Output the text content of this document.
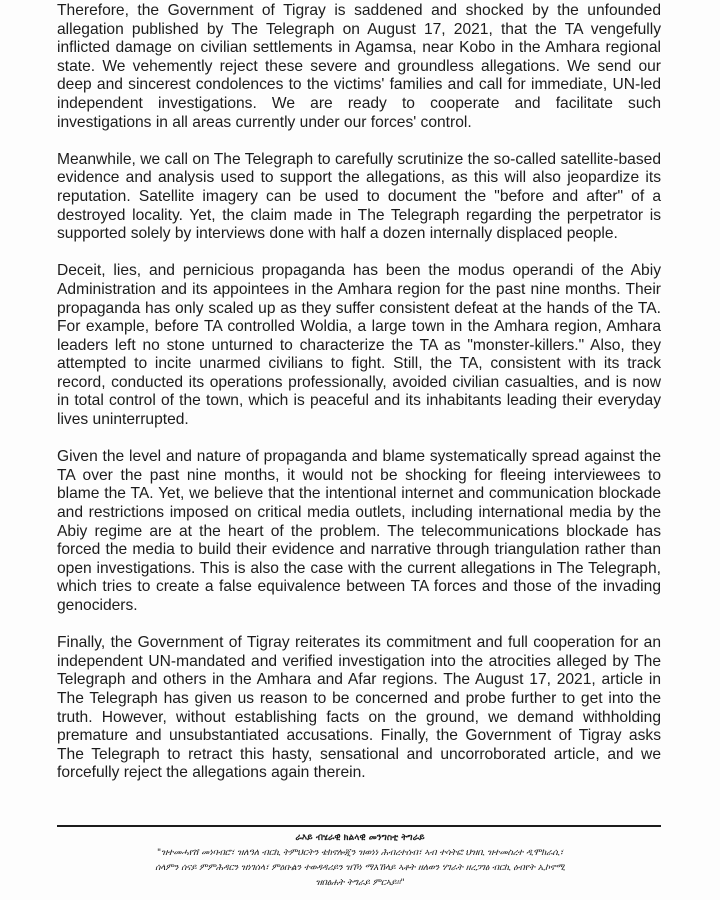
Therefore, the Government of Tigray is saddened and shocked by the unfounded allegation published by The Telegraph on August 17, 2021, that the TA vengefully inflicted damage on civilian settlements in Agamsa, near Kobo in the Amhara regional state. We vehemently reject these severe and groundless allegations. We send our deep and sincerest condolences to the victims' families and call for immediate, UN-led independent investigations. We are ready to cooperate and facilitate such investigations in all areas currently under our forces' control.

Meanwhile, we call on The Telegraph to carefully scrutinize the so-called satellite-based evidence and analysis used to support the allegations, as this will also jeopardize its reputation. Satellite imagery can be used to document the "before and after" of a destroyed locality. Yet, the claim made in The Telegraph regarding the perpetrator is supported solely by interviews done with half a dozen internally displaced people.

Deceit, lies, and pernicious propaganda has been the modus operandi of the Abiy Administration and its appointees in the Amhara region for the past nine months. Their propaganda has only scaled up as they suffer consistent defeat at the hands of the TA. For example, before TA controlled Woldia, a large town in the Amhara region, Amhara leaders left no stone unturned to characterize the TA as "monster-killers." Also, they attempted to incite unarmed civilians to fight. Still, the TA, consistent with its track record, conducted its operations professionally, avoided civilian casualties, and is now in total control of the town, which is peaceful and its inhabitants leading their everyday lives uninterrupted.

Given the level and nature of propaganda and blame systematically spread against the TA over the past nine months, it would not be shocking for fleeing interviewees to blame the TA. Yet, we believe that the intentional internet and communication blockade and restrictions imposed on critical media outlets, including international media by the Abiy regime are at the heart of the problem. The telecommunications blockade has forced the media to build their evidence and narrative through triangulation rather than open investigations. This is also the case with the current allegations in The Telegraph, which tries to create a false equivalence between TA forces and those of the invading genociders.

Finally, the Government of Tigray reiterates its commitment and full cooperation for an independent UN-mandated and verified investigation into the atrocities alleged by The Telegraph and others in the Amhara and Afar regions. The August 17, 2021, article in The Telegraph has given us reason to be concerned and probe further to get into the truth. However, without establishing facts on the ground, we demand withholding premature and unsubstantiated accusations. Finally, the Government of Tigray asks The Telegraph to retract this hasty, sensational and uncorroborated article, and we forcefully reject the allegations again therein.

ራእይ ብሄራዊ ክልላዊ መንግስቲ ትግራይ
"ዝተመሓየሸ መነባብሮ፣ ዝለዓለ ብርኪ ትምህርትን ቴክኖሎጂን ዝወነነ ሕብረተሰብ፣ ኣብ ተሳትፎ ህዝቢ ዝተመስረተ ዲሞክራሲ፣
ሰላምን ሰናይ ምምሕዳርን ዝነገሰላ፣ ምዕቡልን ተወዳዳሪይን ዝኾነ ማእኸላይ ኣቶት ዘለወን ሃገራት ዘረጋገፅ ብርኪ ዕብየት ኢኮኖሚ
ዝበፅሐት ትግራይ ምርኣይ።"
